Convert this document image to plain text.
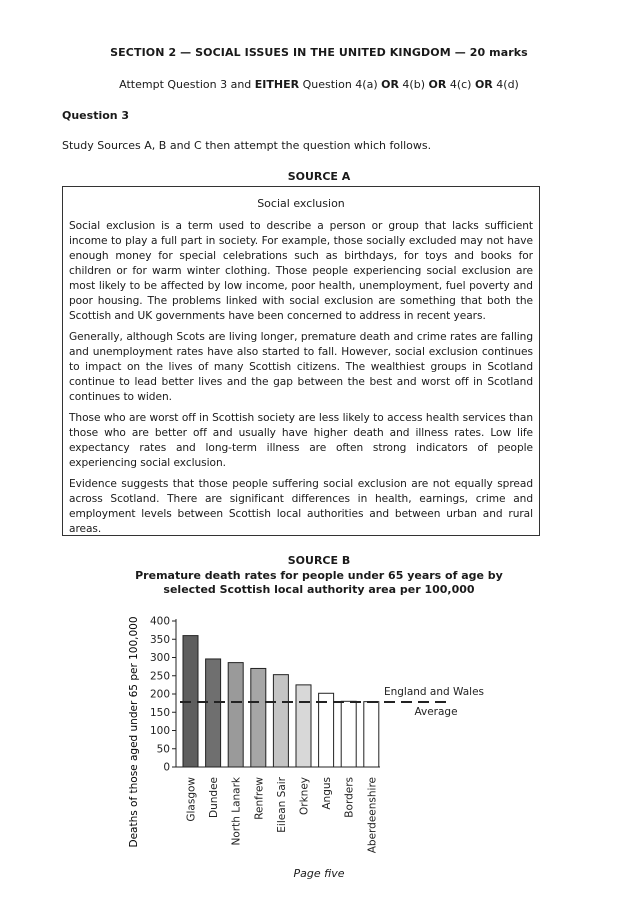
SECTION 2 — SOCIAL ISSUES IN THE UNITED KINGDOM — 20 marks
Attempt Question 3 and EITHER Question 4(a) OR 4(b) OR 4(c) OR 4(d)
Question 3
Study Sources A, B and C then attempt the question which follows.
SOURCE A
Social exclusion

Social exclusion is a term used to describe a person or group that lacks sufficient income to play a full part in society. For example, those socially excluded may not have enough money for special celebrations such as birthdays, for toys and books for children or for warm winter clothing. Those people experiencing social exclusion are most likely to be affected by low income, poor health, unemployment, fuel poverty and poor housing. The problems linked with social exclusion are something that both the Scottish and UK governments have been concerned to address in recent years.

Generally, although Scots are living longer, premature death and crime rates are falling and unemployment rates have also started to fall. However, social exclusion continues to impact on the lives of many Scottish citizens. The wealthiest groups in Scotland continue to lead better lives and the gap between the best and worst off in Scotland continues to widen.

Those who are worst off in Scottish society are less likely to access health services than those who are better off and usually have higher death and illness rates. Low life expectancy rates and long-term illness are often strong indicators of people experiencing social exclusion.

Evidence suggests that those people suffering social exclusion are not equally spread across Scotland. There are significant differences in health, earnings, crime and employment levels between Scottish local authorities and between urban and rural areas.

SOURCE B
Premature death rates for people under 65 years of age by
selected Scottish local authority area per 100,000
0
50
100
150
200
250
300
350
400
Glasgow Dundee North Lanark Renfrew Eilean Sair Orkney Angus Borders Aberdeenshire
England and Wales
Average
Deaths of those aged under 65 per 100,000
Page five
